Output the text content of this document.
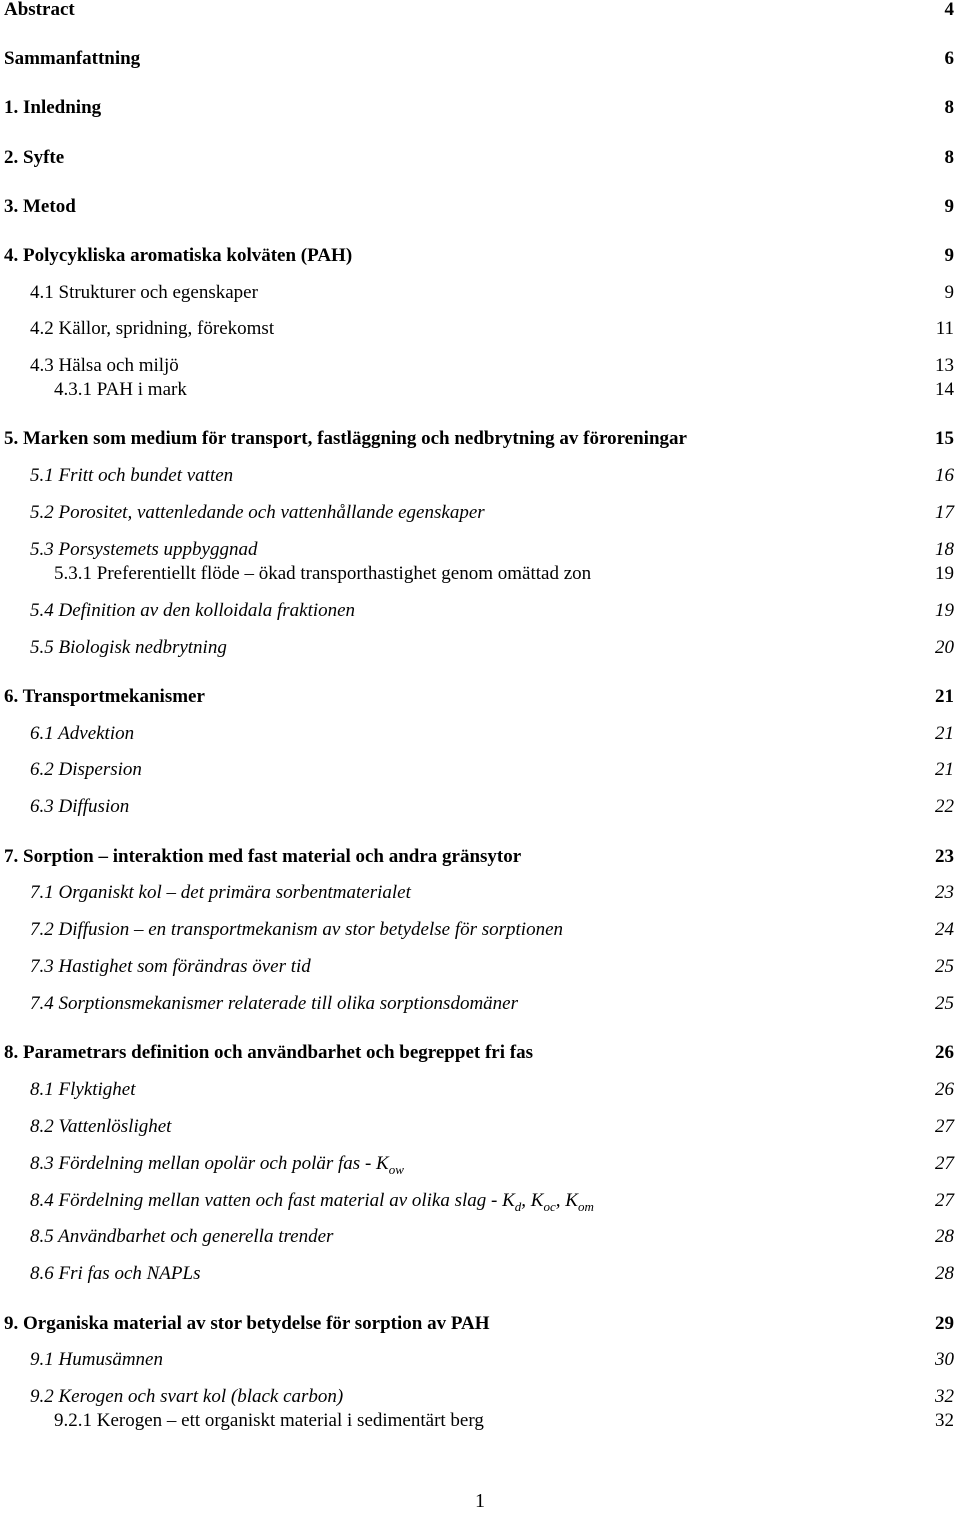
Abstract	4
Sammanfattning	6
1. Inledning	8
2. Syfte	8
3. Metod	9
4. Polycykliska aromatiska kolväten (PAH)	9
4.1 Strukturer och egenskaper	9
4.2 Källor, spridning, förekomst	11
4.3 Hälsa och miljö	13
4.3.1 PAH i mark	14
5. Marken som medium för transport, fastläggning och nedbrytning av föroreningar	15
5.1 Fritt och bundet vatten	16
5.2 Porositet, vattenledande och vattenhållande egenskaper	17
5.3 Porsystemets uppbyggnad	18
5.3.1 Preferentiellt flöde – ökad transporthastighet genom omättad zon	19
5.4 Definition av den kolloidala fraktionen	19
5.5 Biologisk nedbrytning	20
6. Transportmekanismer	21
6.1 Advektion	21
6.2 Dispersion	21
6.3 Diffusion	22
7. Sorption – interaktion med fast material och andra gränsytor	23
7.1 Organiskt kol – det primära sorbentmaterialet	23
7.2 Diffusion – en transportmekanism av stor betydelse för sorptionen	24
7.3 Hastighet som förändras över tid	25
7.4 Sorptionsmekanismer relaterade till olika sorptionsdomäner	25
8. Parametrars definition och användbarhet och begreppet fri fas	26
8.1 Flyktighet	26
8.2 Vattenlöslighet	27
8.3 Fördelning mellan opolär och polär fas - $K_{ow}$	27
8.4 Fördelning mellan vatten och fast material av olika slag - $K_d$, $K_{oc}$, $K_{om}$	27
8.5 Användbarhet och generella trender	28
8.6 Fri fas och NAPLs	28
9. Organiska material av stor betydelse för sorption av PAH	29
9.1 Humusämnen	30
9.2 Kerogen och svart kol (black carbon)	32
9.2.1 Kerogen – ett organiskt material i sedimentärt berg	32
1
